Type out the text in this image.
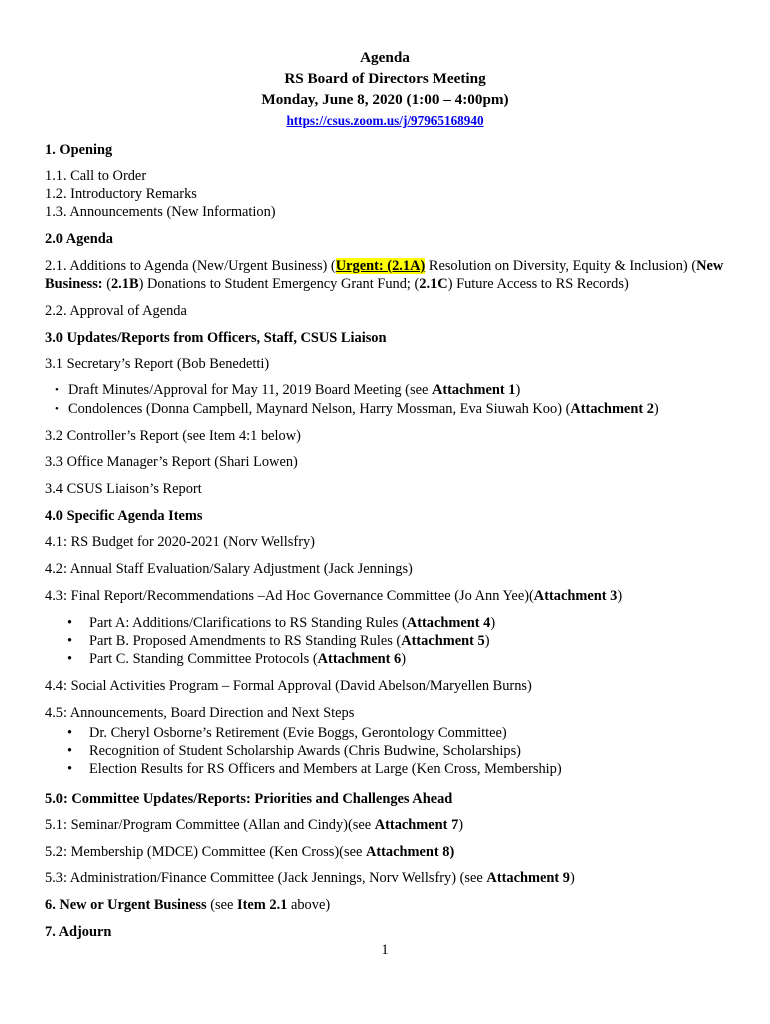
Agenda
RS Board of Directors Meeting
Monday, June 8, 2020 (1:00 – 4:00pm)
https://csus.zoom.us/j/97965168940
1. Opening
1.1. Call to Order
1.2. Introductory Remarks
1.3. Announcements (New Information)
2.0 Agenda
2.1. Additions to Agenda (New/Urgent Business) (Urgent: (2.1A) Resolution on Diversity, Equity & Inclusion) (New
Business: (2.1B) Donations to Student Emergency Grant Fund; (2.1C) Future Access to RS Records)
2.2. Approval of Agenda
3.0 Updates/Reports from Officers, Staff, CSUS Liaison
3.1 Secretary’s Report (Bob Benedetti)
• Draft Minutes/Approval for May 11, 2019 Board Meeting (see Attachment 1)
• Condolences (Donna Campbell, Maynard Nelson, Harry Mossman, Eva Siuwah Koo) (Attachment 2)
3.2 Controller’s Report (see Item 4:1 below)
3.3 Office Manager’s Report (Shari Lowen)
3.4 CSUS Liaison’s Report
4.0 Specific Agenda Items
4.1: RS Budget for 2020-2021 (Norv Wellsfry)
4.2: Annual Staff Evaluation/Salary Adjustment (Jack Jennings)
4.3: Final Report/Recommendations –Ad Hoc Governance Committee (Jo Ann Yee)(Attachment 3)
• Part A: Additions/Clarifications to RS Standing Rules (Attachment 4)
• Part B. Proposed Amendments to RS Standing Rules (Attachment 5)
• Part C. Standing Committee Protocols (Attachment 6)
4.4: Social Activities Program – Formal Approval (David Abelson/Maryellen Burns)
4.5: Announcements, Board Direction and Next Steps
• Dr. Cheryl Osborne’s Retirement (Evie Boggs, Gerontology Committee)
• Recognition of Student Scholarship Awards (Chris Budwine, Scholarships)
• Election Results for RS Officers and Members at Large (Ken Cross, Membership)
5.0: Committee Updates/Reports: Priorities and Challenges Ahead
5.1: Seminar/Program Committee (Allan and Cindy)(see Attachment 7)
5.2: Membership (MDCE) Committee (Ken Cross)(see Attachment 8)
5.3: Administration/Finance Committee (Jack Jennings, Norv Wellsfry) (see Attachment 9)
6. New or Urgent Business (see Item 2.1 above)
7. Adjourn
1
